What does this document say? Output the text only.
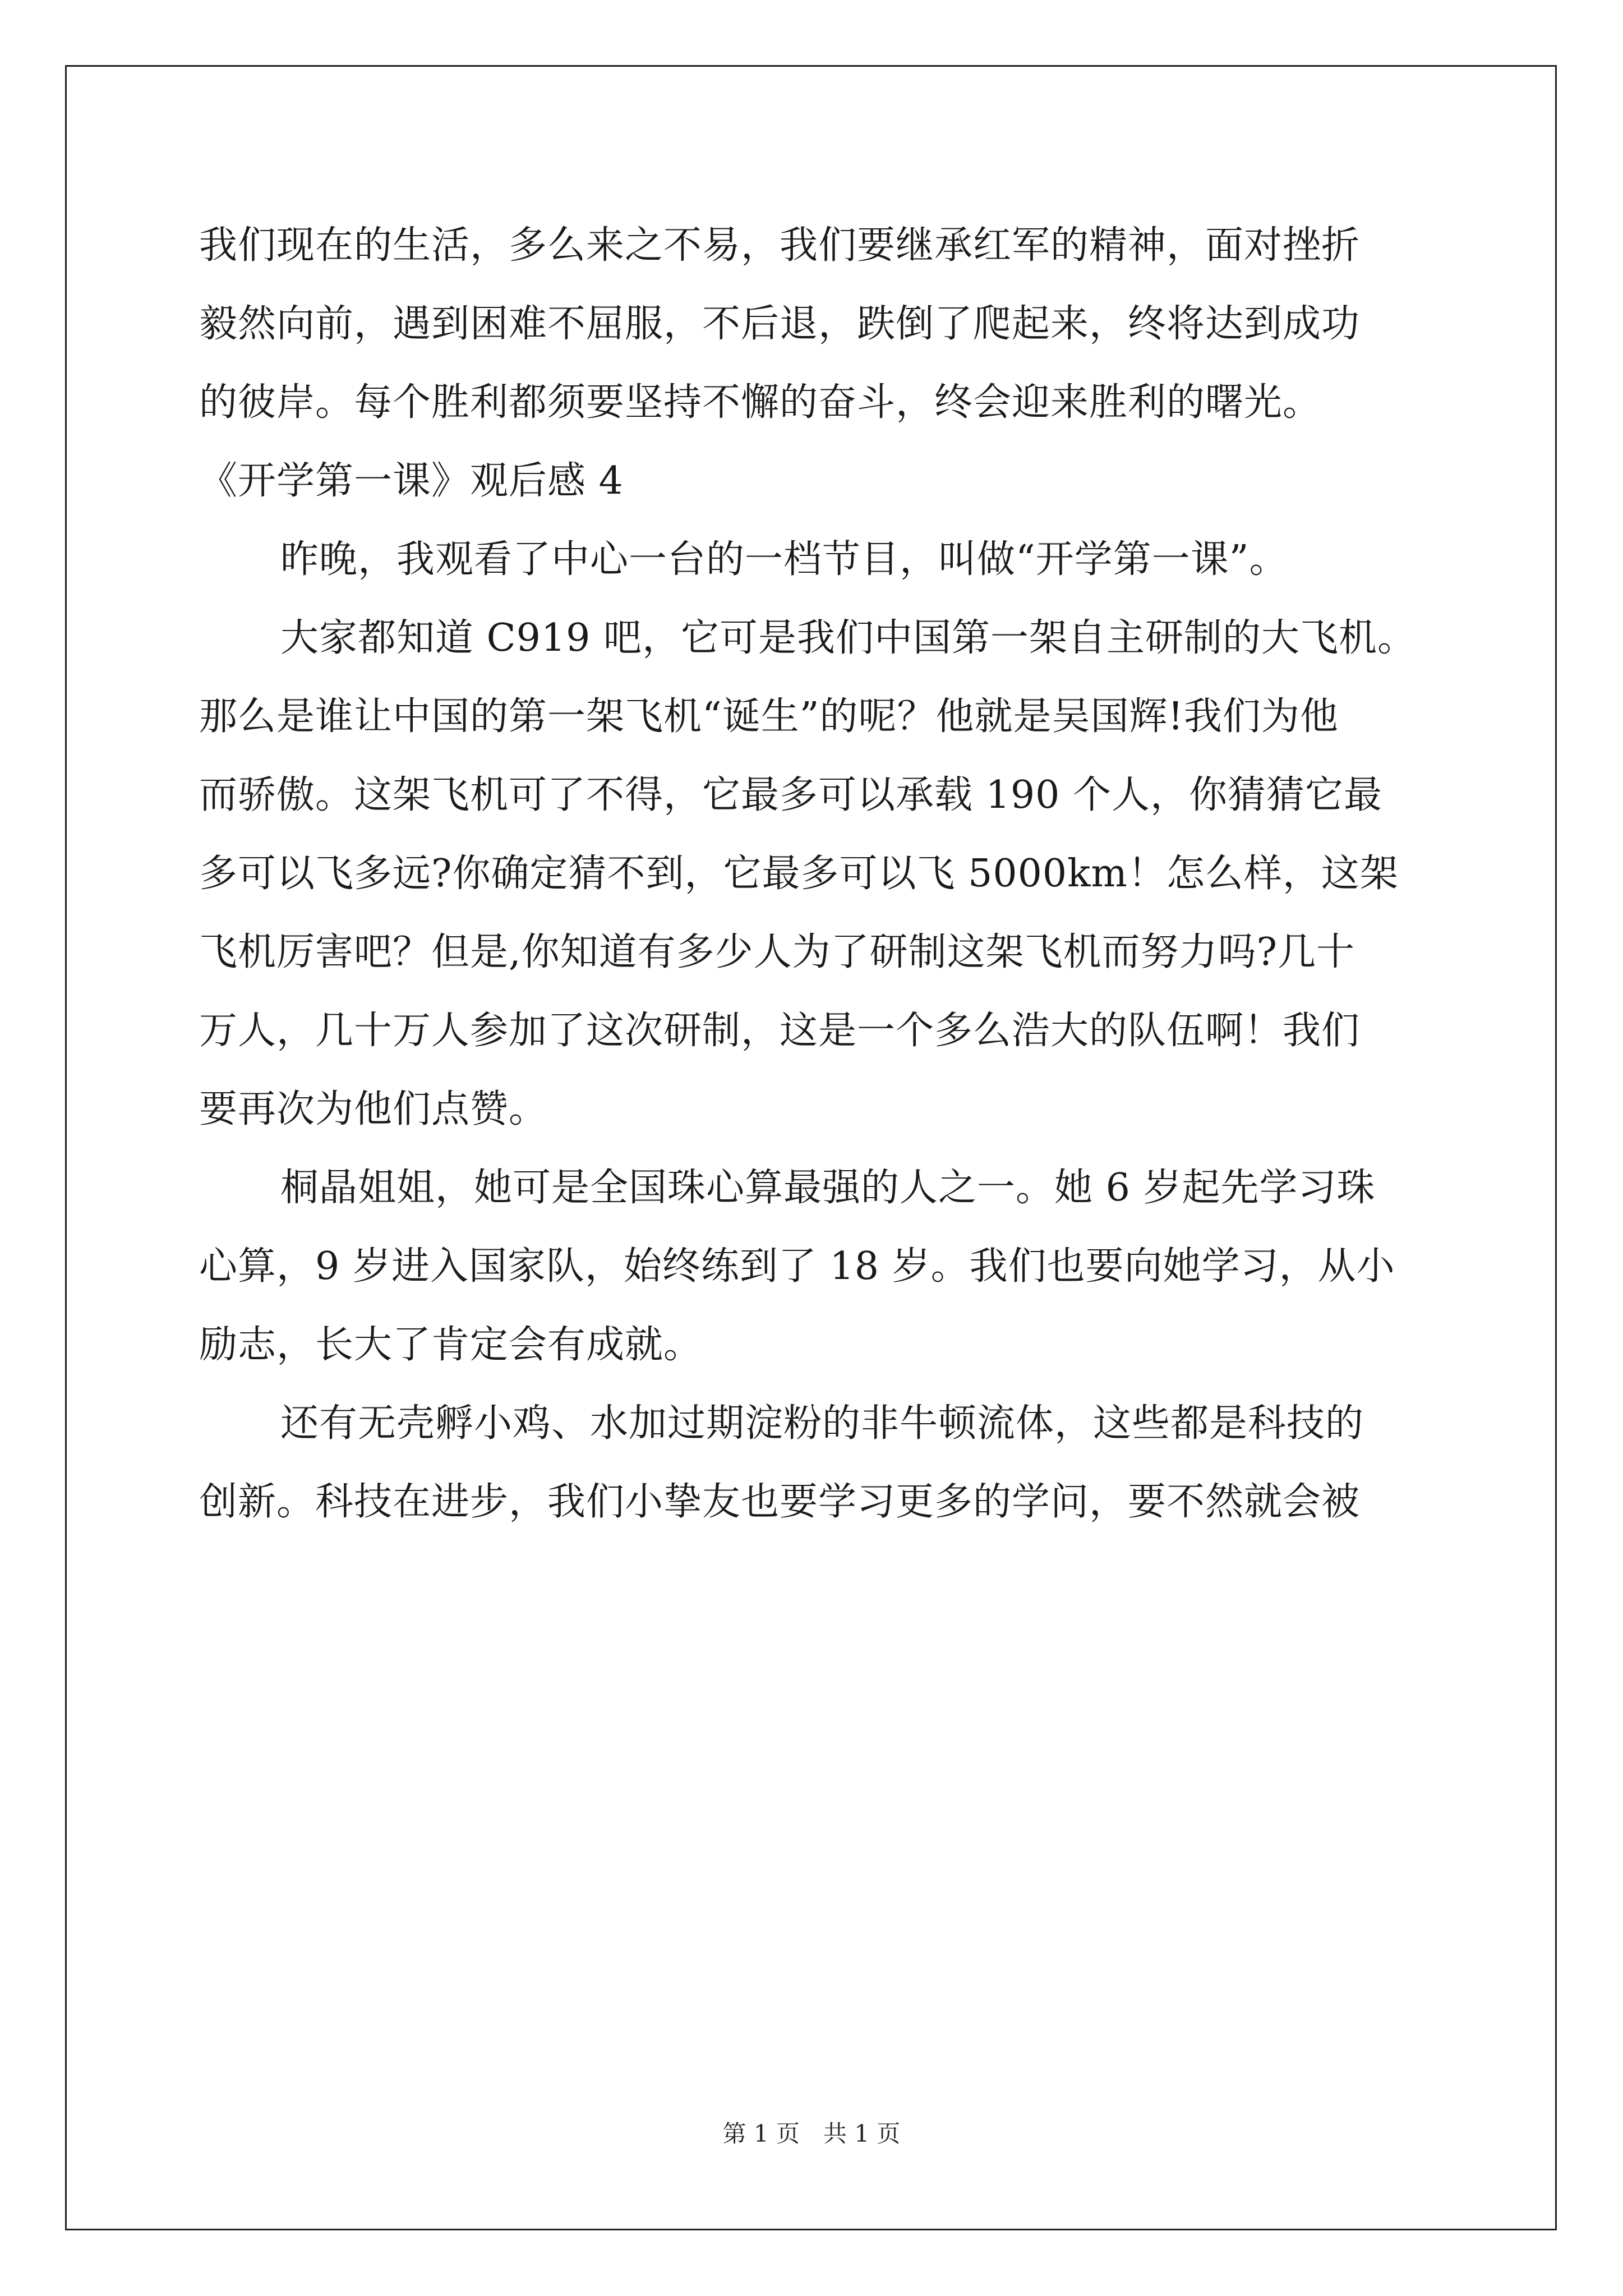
我们现在的生活，多么来之不易，我们要继承红军的精神，面对挫折
毅然向前，遇到困难不屈服，不后退，跌倒了爬起来，终将达到成功
的彼岸。每个胜利都须要坚持不懈的奋斗，终会迎来胜利的曙光。
《开学第一课》观后感 4
昨晚，我观看了中心一台的一档节目，叫做“开学第一课”。
大家都知道 C919 吧，它可是我们中国第一架自主研制的大飞机。
那么是谁让中国的第一架飞机“诞生”的呢？他就是吴国辉!我们为他
而骄傲。这架飞机可了不得，它最多可以承载 190 个人，你猜猜它最
多可以飞多远?你确定猜不到，它最多可以飞 5000km！怎么样，这架
飞机厉害吧？但是,你知道有多少人为了研制这架飞机而努力吗?几十
万人，几十万人参加了这次研制，这是一个多么浩大的队伍啊！我们
要再次为他们点赞。
桐晶姐姐，她可是全国珠心算最强的人之一。她 6 岁起先学习珠
心算，9 岁进入国家队，始终练到了 18 岁。我们也要向她学习，从小
励志，长大了肯定会有成就。
还有无壳孵小鸡、水加过期淀粉的非牛顿流体，这些都是科技的
创新。科技在进步，我们小挚友也要学习更多的学问，要不然就会被
第 1 页　共 1 页
